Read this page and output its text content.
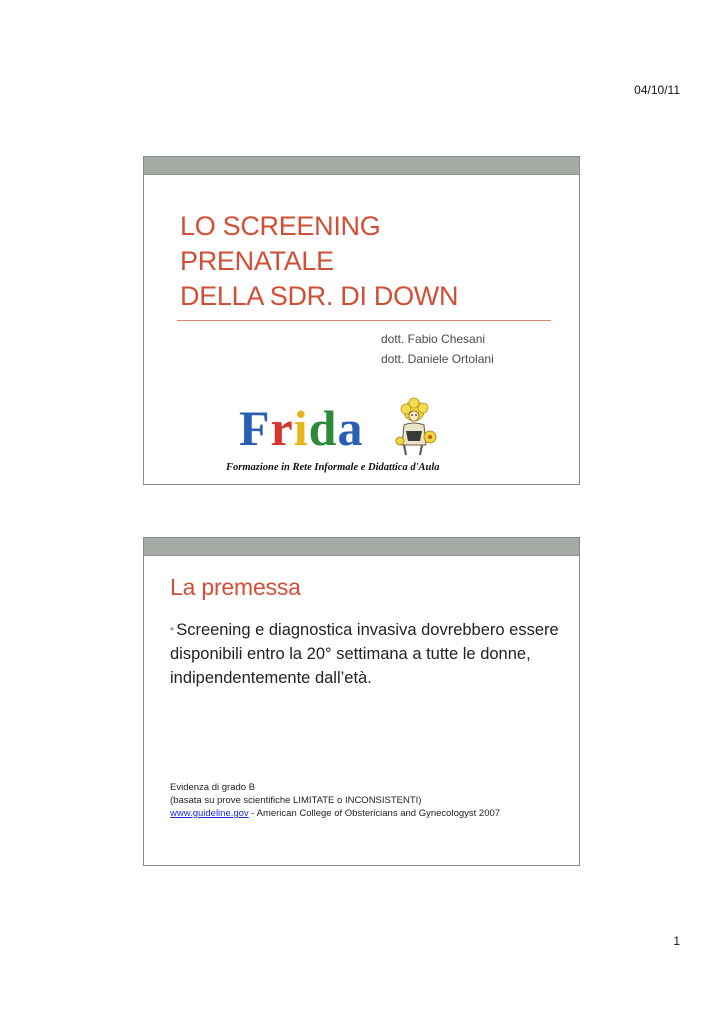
04/10/11
LO SCREENING
PRENATALE
DELLA SDR. DI DOWN
dott. Fabio Chesani
dott. Daniele Ortolani
Frida
Formazione in Rete Informale e Didattica d'Aula
La premessa
• Screening e diagnostica invasiva dovrebbero essere disponibili entro la 20° settimana a tutte le donne, indipendentemente dall’età.
Evidenza di grado B
(basata su prove scientifiche LIMITATE o INCONSISTENTI)
www.guideline.gov - American College of Obstericians and Gynecologyst 2007
1
